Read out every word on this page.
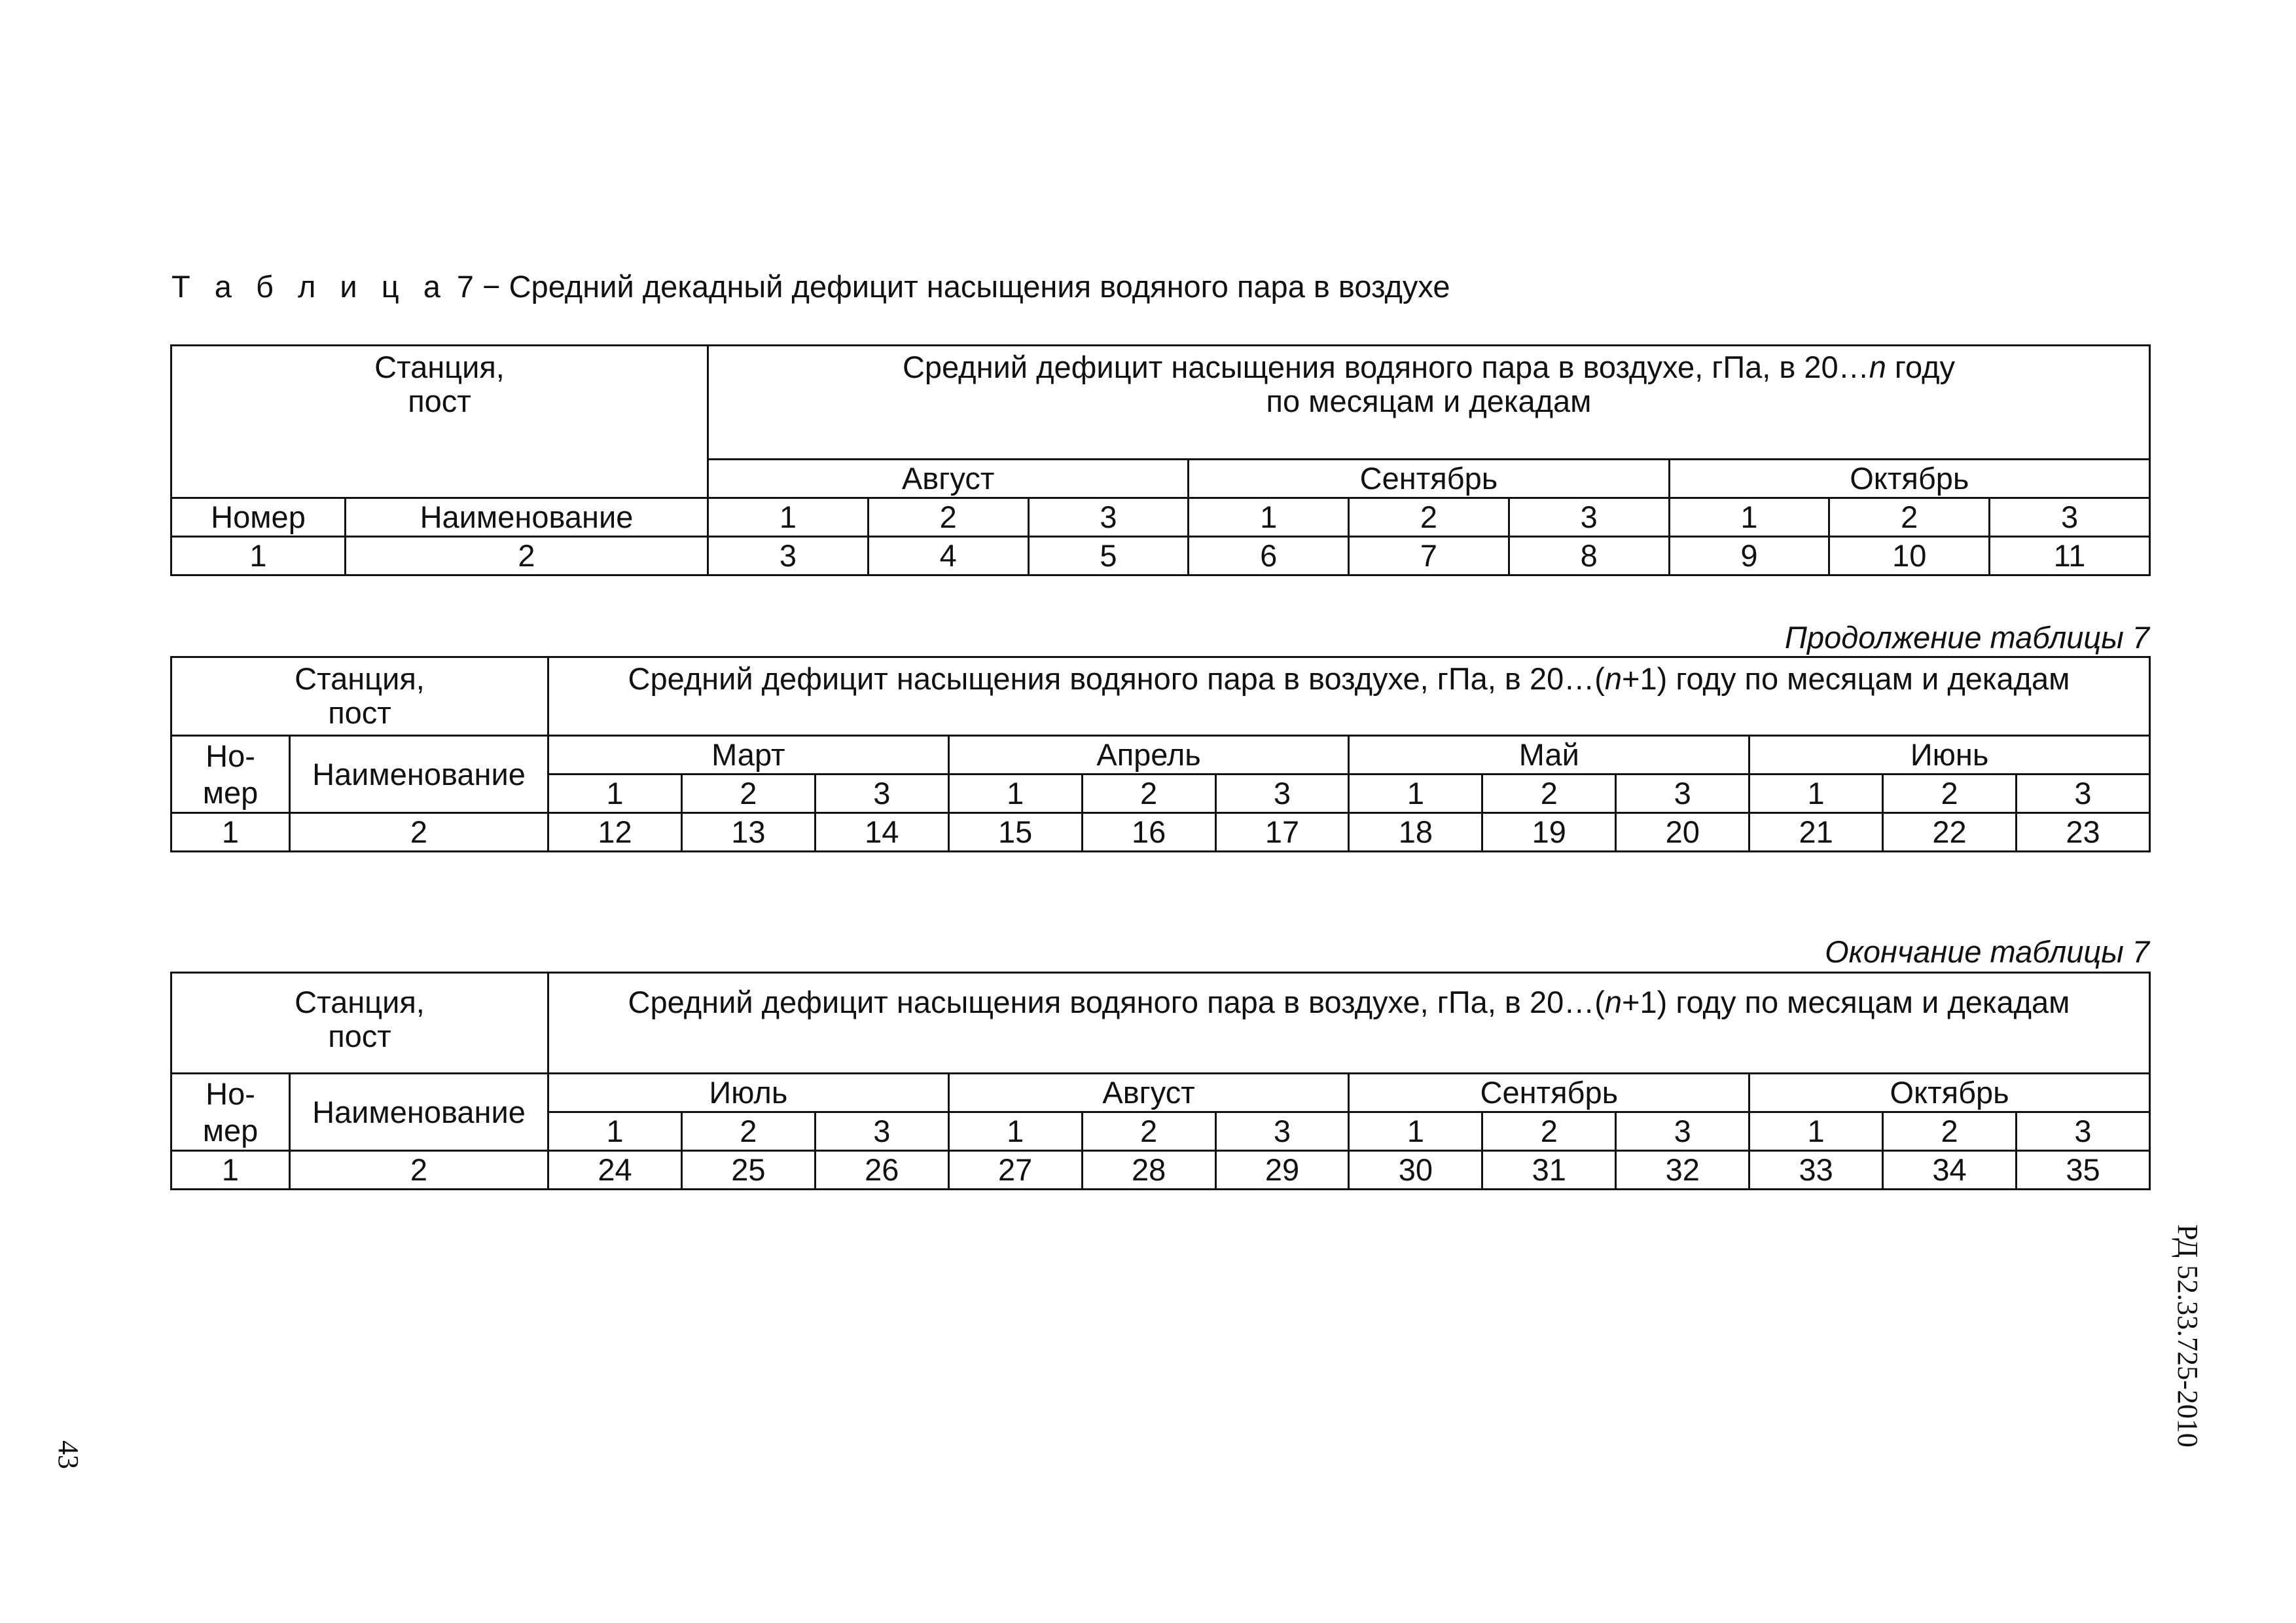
Т а б л и ц а 7 − Средний декадный дефицит насыщения водяного пара в воздухе
Станция, пост		Средний дефицит насыщения водяного пара в воздухе, гПа, в 20…n году
по месяцам и декадам								

		Август			Сентябрь			Октябрь		
Номер	Наименование	1	2	3	1	2	3	1	2	3
1	2	3	4	5	6	7	8	9	10	11
Продолжение таблицы 7
Станция, пост		Средний дефицит насыщения водяного пара в воздухе, гПа, в 20…(n+1) году по месяцам и декадам											

Но-мер	Наименование	Март			Апрель			Май			Июнь		
		1	2	3	1	2	3	1	2	3	1	2	3
1	2	12	13	14	15	16	17	18	19	20	21	22	23
Окончание таблицы 7
Станция, пост		Средний дефицит насыщения водяного пара в воздухе, гПа, в 20…(n+1) году по месяцам и декадам											

Но-мер	Наименование	Июль			Август			Сентябрь			Октябрь		
		1	2	3	1	2	3	1	2	3	1	2	3
1	2	24	25	26	27	28	29	30	31	32	33	34	35
43
РД 52.33.725-2010
